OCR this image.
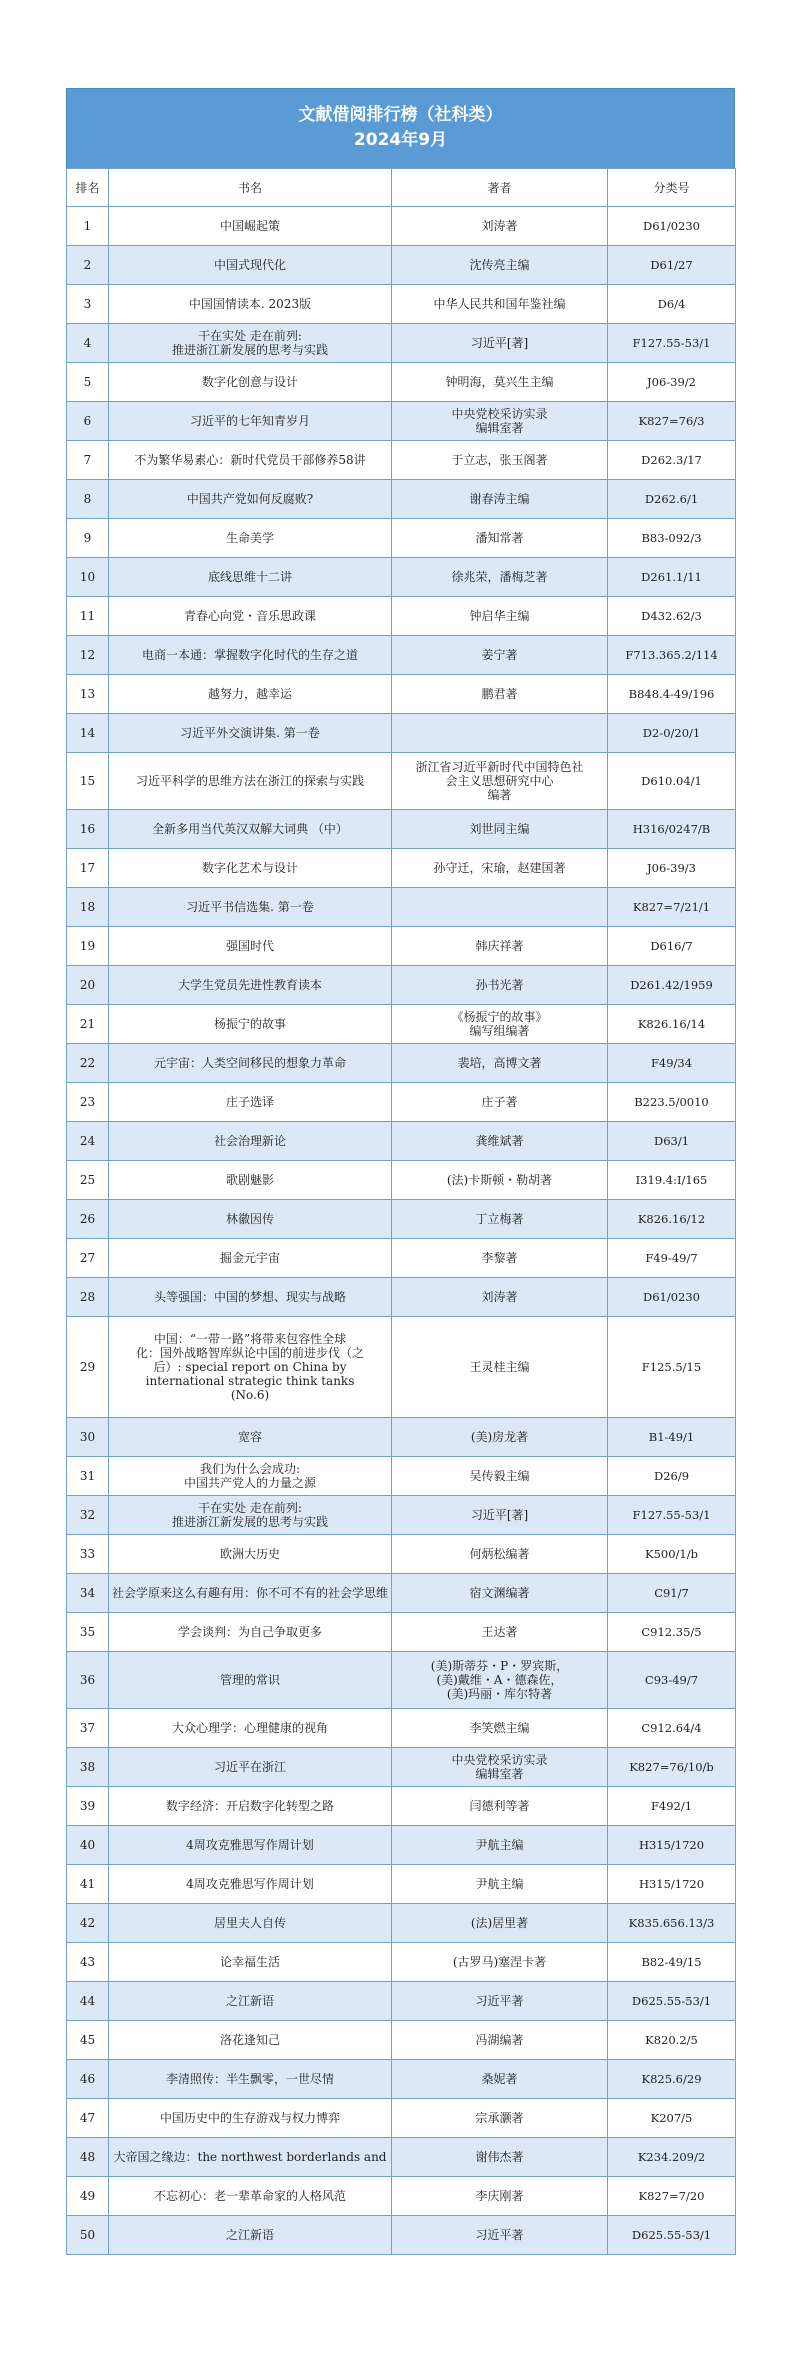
文献借阅排行榜（社科类）
2024年9月
排名	书名	著者	分类号
1	中国崛起策	刘涛著	D61/0230
2	中国式现代化	沈传亮主编	D61/27
3	中国国情读本. 2023版	中华人民共和国年鉴社编	D6/4
4	干在实处 走在前列:
推进浙江新发展的思考与实践	习近平[著]	F127.55-53/1
5	数字化创意与设计	钟明海，莫兴生主编	J06-39/2
6	习近平的七年知青岁月	中央党校采访实录
编辑室著	K827=76/3
7	不为繁华易素心：新时代党员干部修养58讲	于立志，张玉阁著	D262.3/17
8	中国共产党如何反腐败?	谢春涛主编	D262.6/1
9	生命美学	潘知常著	B83-092/3
10	底线思维十二讲	徐兆荣，潘梅芝著	D261.1/11
11	青春心向党・音乐思政课	钟启华主编	D432.62/3
12	电商一本通：掌握数字化时代的生存之道	姜宁著	F713.365.2/114
13	越努力，越幸运	鹏君著	B848.4-49/196
14	习近平外交演讲集. 第一卷		D2-0/20/1
15	习近平科学的思维方法在浙江的探索与实践	浙江省习近平新时代中国特色社
会主义思想研究中心
编著	D610.04/1
16	全新多用当代英汉双解大词典 （中）	刘世同主编	H316/0247/B
17	数字化艺术与设计	孙守迁，宋瑜，赵建国著	J06-39/3
18	习近平书信选集. 第一卷		K827=7/21/1
19	强国时代	韩庆祥著	D616/7
20	大学生党员先进性教育读本	孙书光著	D261.42/1959
21	杨振宁的故事	《杨振宁的故事》
编写组编著	K826.16/14
22	元宇宙：人类空间移民的想象力革命	裴培，高博文著	F49/34
23	庄子选译	庄子著	B223.5/0010
24	社会治理新论	龚维斌著	D63/1
25	歌剧魅影	(法)卡斯顿・勒胡著	I319.4:I/165
26	林徽因传	丁立梅著	K826.16/12
27	掘金元宇宙	李黎著	F49-49/7
28	头等强国：中国的梦想、现实与战略	刘涛著	D61/0230
29	中国：“一带一路”将带来包容性全球
化：国外战略智库纵论中国的前进步伐（之
后）: special report on China by
international strategic think tanks
(No.6)	王灵桂主编	F125.5/15
30	宽容	(美)房龙著	B1-49/1
31	我们为什么会成功:
中国共产党人的力量之源	吴传毅主编	D26/9
32	干在实处 走在前列:
推进浙江新发展的思考与实践	习近平[著]	F127.55-53/1
33	欧洲大历史	何炳松编著	K500/1/b
34	社会学原来这么有趣有用：你不可不有的社会学思维	宿文渊编著	C91/7
35	学会谈判：为自己争取更多	王达著	C912.35/5
36	管理的常识	(美)斯蒂芬・P・罗宾斯，
(美)戴维・A・德森佐，
(美)玛丽・库尔特著	C93-49/7
37	大众心理学：心理健康的视角	李笑燃主编	C912.64/4
38	习近平在浙江	中央党校采访实录
编辑室著	K827=76/10/b
39	数字经济：开启数字化转型之路	闫德利等著	F492/1
40	4周攻克雅思写作周计划	尹航主编	H315/1720
41	4周攻克雅思写作周计划	尹航主编	H315/1720
42	居里夫人自传	(法)居里著	K835.656.13/3
43	论幸福生活	(古罗马)塞涅卡著	B82-49/15
44	之江新语	习近平著	D625.55-53/1
45	洛花逢知己	冯湖编著	K820.2/5
46	李清照传：半生飘零，一世尽情	桑妮著	K825.6/29
47	中国历史中的生存游戏与权力博弈	宗承灏著	K207/5
48	大帝国之缘边：the northwest borderlands and	谢伟杰著	K234.209/2
49	不忘初心：老一辈革命家的人格风范	李庆刚著	K827=7/20
50	之江新语	习近平著	D625.55-53/1
